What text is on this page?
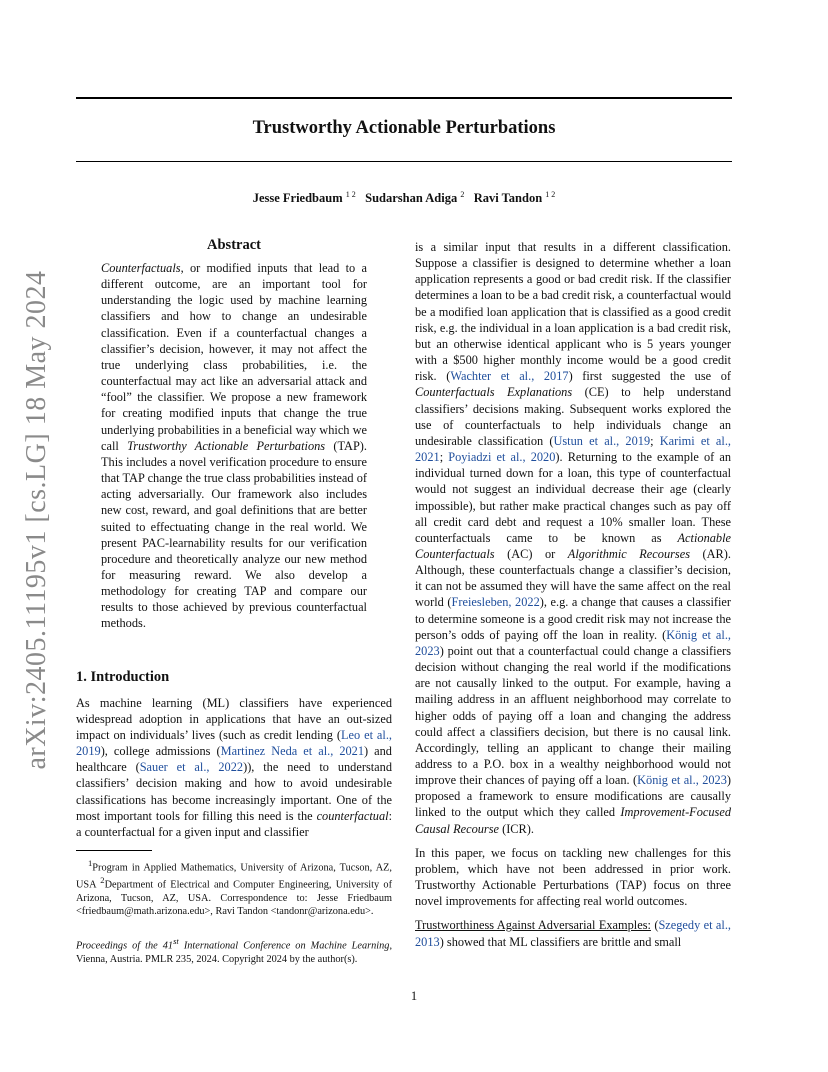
Trustworthy Actionable Perturbations
Jesse Friedbaum $^{1 2}$ Sudarshan Adiga $^2$ Ravi Tandon $^{1 2}$
arXiv:2405.11195v1 [cs.LG] 18 May 2024
Abstract

Counterfactuals, or modified inputs that lead to a different outcome, are an important tool for understanding the logic used by machine learning classifiers and how to change an undesirable classification. Even if a counterfactual changes a classifier’s decision, however, it may not affect the true underlying class probabilities, i.e. the counterfactual may act like an adversarial attack and “fool” the classifier. We propose a new framework for creating modified inputs that change the true underlying probabilities in a beneficial way which we call Trustworthy Actionable Perturbations (TAP). This includes a novel verification procedure to ensure that TAP change the true class probabilities instead of acting adversarially. Our framework also includes new cost, reward, and goal definitions that are better suited to effectuating change in the real world. We present PAC-learnability results for our verification procedure and theoretically analyze our new method for measuring reward. We also develop a methodology for creating TAP and compare our results to those achieved by previous counterfactual methods.

1. Introduction

As machine learning (ML) classifiers have experienced widespread adoption in applications that have an out-sized impact on individuals’ lives (such as credit lending (Leo et al., 2019), college admissions (Martinez Neda et al., 2021) and healthcare (Sauer et al., 2022)), the need to understand classifiers’ decision making and how to avoid undesirable classifications has become increasingly important. One of the most important tools for filling this need is the counterfactual: a counterfactual for a given input and classifier

$^1$Program in Applied Mathematics, University of Arizona, Tucson, AZ, USA $^2$Department of Electrical and Computer Engineering, University of Arizona, Tucson, AZ, USA. Correspondence to: Jesse Friedbaum <friedbaum@math.arizona.edu>, Ravi Tandon <tandonr@arizona.edu>.

Proceedings of the 41st International Conference on Machine Learning, Vienna, Austria. PMLR 235, 2024. Copyright 2024 by the author(s).

is a similar input that results in a different classification. Suppose a classifier is designed to determine whether a loan application represents a good or bad credit risk. If the classifier determines a loan to be a bad credit risk, a counterfactual would be a modified loan application that is classified as a good credit risk, e.g. the individual in a loan application is a bad credit risk, but an otherwise identical applicant who is 5 years younger with a $500 higher monthly income would be a good credit risk. (Wachter et al., 2017) first suggested the use of Counterfactuals Explanations (CE) to help understand classifiers’ decisions making. Subsequent works explored the use of counterfactuals to help individuals change an undesirable classification (Ustun et al., 2019; Karimi et al., 2021; Poyiadzi et al., 2020). Returning to the example of an individual turned down for a loan, this type of counterfactual would not suggest an individual decrease their age (clearly impossible), but rather make practical changes such as pay off all credit card debt and request a 10% smaller loan. These counterfactuals came to be known as Actionable Counterfactuals (AC) or Algorithmic Recourses (AR). Although, these counterfactuals change a classifier’s decision, it can not be assumed they will have the same affect on the real world (Freiesleben, 2022), e.g. a change that causes a classifier to determine someone is a good credit risk may not increase the person’s odds of paying off the loan in reality. (König et al., 2023) point out that a counterfactual could change a classifiers decision without changing the real world if the modifications are not causally linked to the output. For example, having a mailing address in an affluent neighborhood may correlate to higher odds of paying off a loan and changing the address could affect a classifiers decision, but there is no causal link. Accordingly, telling an applicant to change their mailing address to a P.O. box in a wealthy neighborhood would not improve their chances of paying off a loan. (König et al., 2023) proposed a framework to ensure modifications are causally linked to the output which they called Improvement-Focused Causal Recourse (ICR).

In this paper, we focus on tackling new challenges for this problem, which have not been addressed in prior work. Trustworthy Actionable Perturbations (TAP) focus on three novel improvements for affecting real world outcomes.

Trustworthiness Against Adversarial Examples: (Szegedy et al., 2013) showed that ML classifiers are brittle and small

1
